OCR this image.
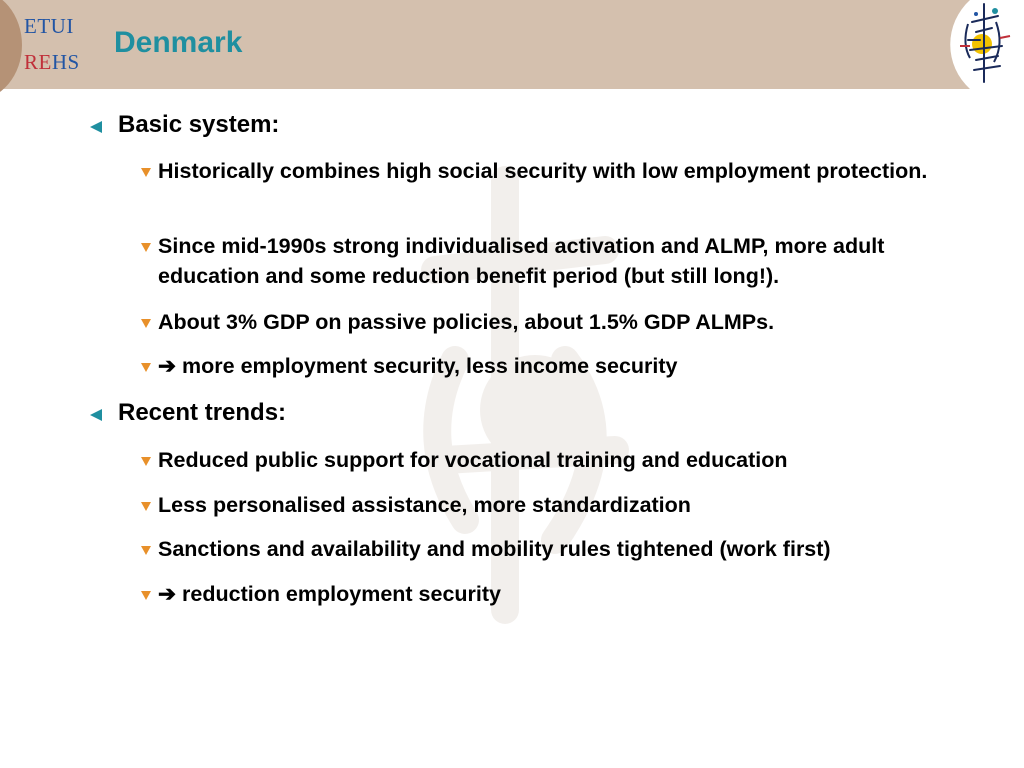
ETUI
REHS
Denmark
Basic system:
Historically combines high social security with low employment protection.
Since mid-1990s strong individualised activation and ALMP, more adult education and some reduction benefit period (but still long!).
About 3% GDP on passive policies, about 1.5% GDP ALMPs.
➔ more employment security, less income security
Recent trends:
Reduced public support for vocational training and education
Less personalised assistance, more standardization
Sanctions and availability and mobility rules tightened (work first)
➔ reduction employment security
